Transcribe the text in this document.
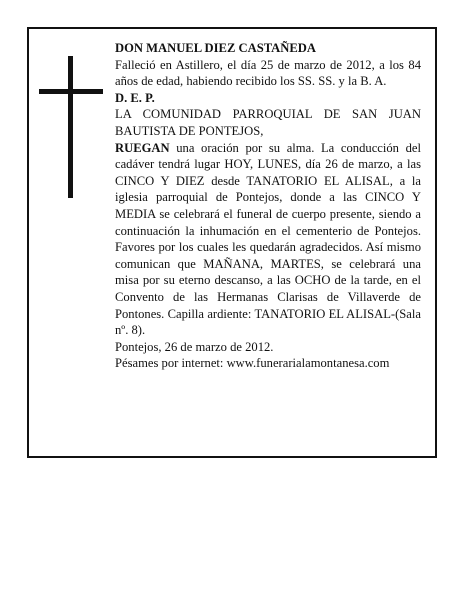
DON MANUEL DIEZ CASTAÑEDA

Falleció en Astillero, el día 25 de marzo de 2012, a los 84 años de edad, habiendo recibido los SS. SS. y la B. A.

D. E. P.

LA COMUNIDAD PARROQUIAL DE SAN JUAN BAUTISTA DE PONTEJOS,

RUEGAN una oración por su alma. La conducción del cadáver tendrá lugar HOY, LUNES, día 26 de marzo, a las CINCO Y DIEZ desde TANATORIO EL ALISAL, a la iglesia parroquial de Pontejos, donde a las CINCO Y MEDIA se celebrará el funeral de cuerpo presente, siendo a continuación la inhumación en el cementerio de Pontejos. Favores por los cuales les quedarán agradecidos. Así mismo comunican que MAÑANA, MARTES, se celebrará una misa por su eterno descanso, a las OCHO de la tarde, en el Convento de las Hermanas Clarisas de Villaverde de Pontones. Capilla ardiente: TANATORIO EL ALISAL-(Sala nº. 8).

Pontejos, 26 de marzo de 2012.

Pésames por internet: www.funerarialamontanesa.com
